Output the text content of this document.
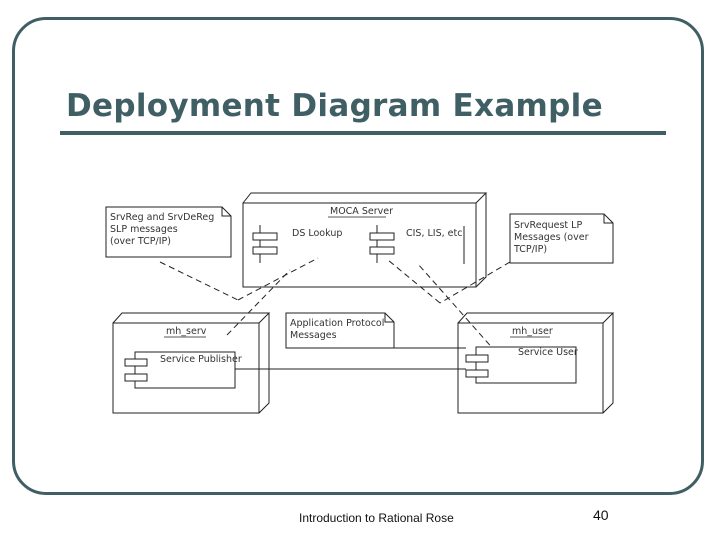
Deployment Diagram Example
MOCA Server
DS Lookup	CIS, LIS, etc
SrvReg and SrvDeReg
SLP messages
(over TCP/IP)
SrvRequest LP
Messages (over
TCP/IP)
Application Protocol
Messages
mh_serv
Service Publisher
mh_user
Service User
Introduction to Rational Rose	40
